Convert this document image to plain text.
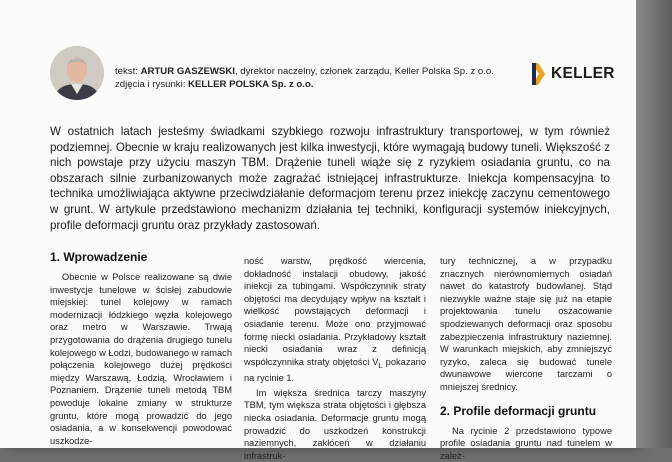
tekst: ARTUR GASZEWSKI, dyrektor naczelny, członek zarządu, Keller Polska Sp. z o.o.
zdjęcia i rysunki: KELLER POLSKA Sp. z o.o.
KELLER
W ostatnich latach jesteśmy świadkami szybkiego rozwoju infrastruktury transportowej, w tym również podziemnej. Obecnie w kraju realizowanych jest kilka inwestycji, które wymagają budowy tuneli. Większość z nich powstaje przy użyciu maszyn TBM. Drążenie tuneli wiąże się z ryzykiem osiadania gruntu, co na obszarach silnie zurbanizowanych może zagrażać istniejącej infrastrukturze. Iniekcja kompensacyjna to technika umożliwiająca aktywne przeciwdziałanie deformacjom terenu przez iniekcję zaczynu cementowego w grunt. W artykule przedstawiono mechanizm działania tej techniki, konfiguracji systemów iniekcyjnych, profile deformacji gruntu oraz przykłady zastosowań.
1. Wprowadzenie

Obecnie w Polsce realizowane są dwie inwestycje tunelowe w ścisłej zabudowie miejskiej: tunel kolejowy w ramach modernizacji łódzkiego węzła kolejowego oraz metro w Warszawie. Trwają przygotowania do drążenia drugiego tunelu kolejowego w Łodzi, budowanego w ramach połączenia kolejowego dużej prędkości między Warszawą, Łodzią, Wrocławiem i Poznaniem. Drążenie tuneli metodą TBM powoduje lokalne zmiany w strukturze gruntu, które mogą prowadzić do jego osiadania, a w konsekwencji powodować uszkodze-

ność warstw, prędkość wiercenia, dokładność instalacji obudowy, jakość iniekcji za tubingami. Współczynnik straty objętości ma decydujący wpływ na kształt i wielkość powstających deformacji i osiadanie terenu. Może ono przyjmować formę niecki osiadania. Przykładowy kształt niecki osiadania wraz z definicją współczynnika straty objętości $V_L$ pokazano na rycinie 1.

Im większa średnica tarczy maszyny TBM, tym większa strata objętości i głębsza niecka osiadania. Deformacje gruntu mogą prowadzić do uszkodzeń konstrukcji naziemnych, zakłóceń w działaniu infrastruk-

tury technicznej, a w przypadku znacznych nierównomiernych osiadań nawet do katastrofy budowlanej. Stąd niezwykle ważne staje się już na etapie projektowania tunelu oszacowanie spodziewanych deformacji oraz sposobu zabezpieczenia infrastruktury naziemnej. W warunkach miejskich, aby zmniejszyć ryzyko, zaleca się budować tunele dwunawowe wiercone tarczami o mniejszej średnicy.

2. Profile deformacji gruntu

Na rycinie 2 przedstawiono typowe profile osiadania gruntu nad tunelem w zależ-
